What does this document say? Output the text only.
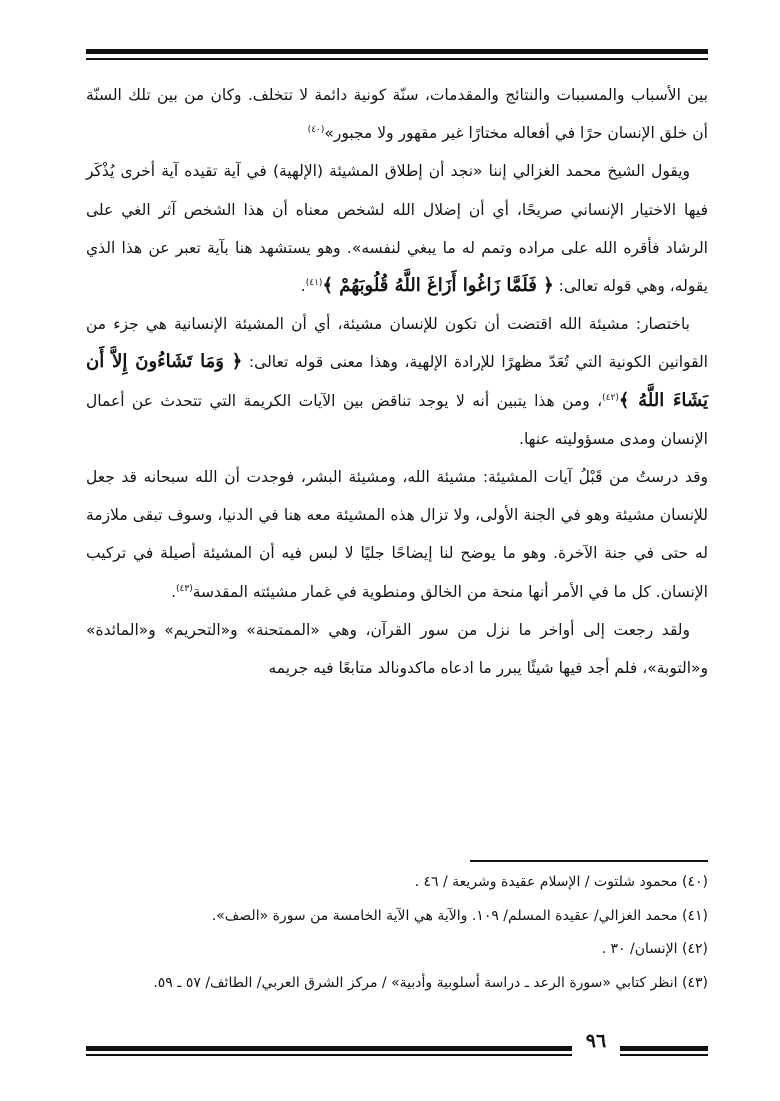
بين الأسباب والمسببات والنتائج والمقدمات، سنّة كونية دائمة لا تتخلف. وكان من بين تلك السنّة أن خلق الإنسان حرًا في أفعاله مختارًا غير مقهور ولا مجبور»$^{(٤٠)}$

ويقول الشيخ محمد الغزالي إننا «نجد أن إطلاق المشيئة (الإلهية) في آية تقيده آية أخرى يُذْكَر فيها الاختيار الإنساني صريحًا، أي أن إضلال الله لشخص معناه أن هذا الشخص آثر الغي على الرشاد فأقره الله على مراده وتمم له ما يبغي لنفسه». وهو يستشهد هنا بآية تعبر عن هذا الذي يقوله، وهي قوله تعالى: ﴿ فَلَمَّا زَاغُوا أَزَاغَ اللَّهُ قُلُوبَهُمْ ﴾$^{(٤١)}$.

باختصار: مشيئة الله اقتضت أن تكون للإنسان مشيئة، أي أن المشيئة الإنسانية هي جزء من القوانين الكونية التي تُعَدّ مظهرًا للإرادة الإلهية، وهذا معنى قوله تعالى: ﴿ وَمَا تَشَاءُونَ إِلاَّ أَن يَشَاءَ اللَّهُ ﴾$^{(٤٢)}$، ومن هذا يتبين أنه لا يوجد تناقض بين الآيات الكريمة التي تتحدث عن أعمال الإنسان ومدى مسؤوليته عنها.

وقد درستُ من قَبْلُ آيات المشيئة: مشيئة الله، ومشيئة البشر، فوجدت أن الله سبحانه قد جعل للإنسان مشيئة وهو في الجنة الأولى، ولا تزال هذه المشيئة معه هنا في الدنيا، وسوف تبقى ملازمة له حتى في جنة الآخرة. وهو ما يوضح لنا إيضاحًا جليًا لا لبس فيه أن المشيئة أصيلة في تركيب الإنسان. كل ما في الأمر أنها منحة من الخالق ومنطوية في غمار مشيئته المقدسة$^{(٤٣)}$.

ولقد رجعت إلى أواخر ما نزل من سور القرآن، وهي «الممتحنة» و«التحريم» و«المائدة» و«التوبة»، فلم أجد فيها شيئًا يبرر ما ادعاه ماكدونالد متابعًا فيه جريمه

(٤٠) محمود شلتوت / الإسلام عقيدة وشريعة / ٤٦ .

(٤١) محمد الغزالي/ عقيدة المسلم/ ١٠٩. والآية هي الآية الخامسة من سورة «الصف».

(٤٢) الإنسان/ ٣٠ .

(٤٣) انظر كتابي «سورة الرعد ـ دراسة أسلوبية وأدبية» / مركز الشرق العربي/ الطائف/ ٥٧ ـ ٥٩.

٩٦
